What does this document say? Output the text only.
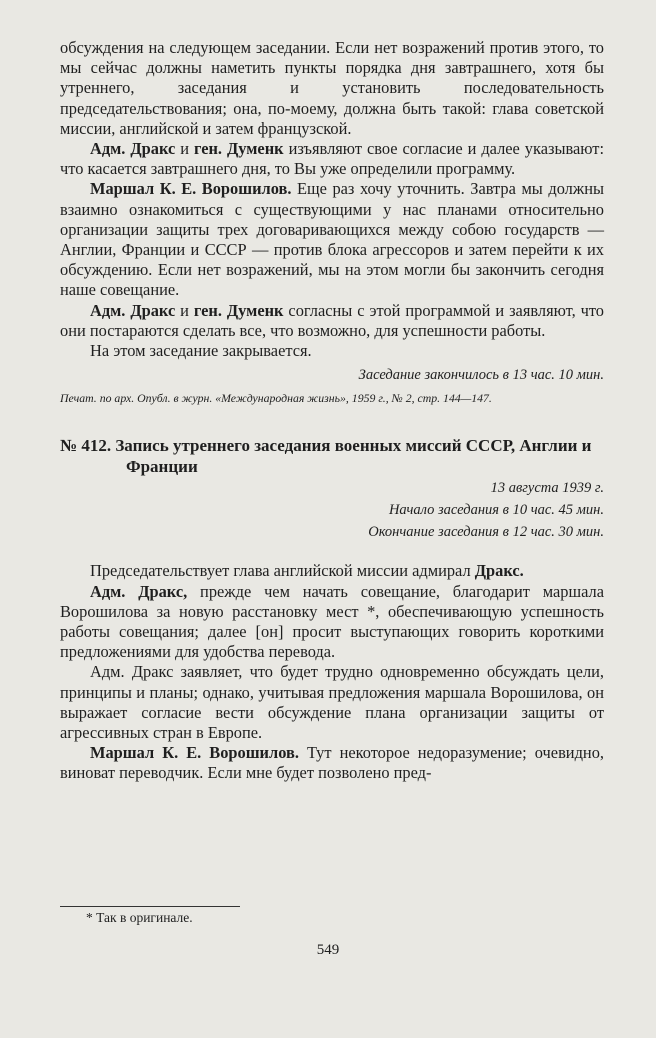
обсуждения на следующем заседании. Если нет возражений против этого, то мы сейчас должны наметить пункты порядка дня завтрашнего, хотя бы утреннего, заседания и установить последовательность председательствования; она, по-моему, должна быть такой: глава советской миссии, английской и затем французской.

Адм. Дракс и ген. Думенк изъявляют свое согласие и далее указывают: что касается завтрашнего дня, то Вы уже определили программу.

Маршал К. Е. Ворошилов. Еще раз хочу уточнить. Завтра мы должны взаимно ознакомиться с существующими у нас планами относительно организации защиты трех договаривающихся между собою государств — Англии, Франции и СССР — против блока агрессоров и затем перейти к их обсуждению. Если нет возражений, мы на этом могли бы закончить сегодня наше совещание.

Адм. Дракс и ген. Думенк согласны с этой программой и заявляют, что они постараются сделать все, что возможно, для успешности работы.

На этом заседание закрывается.

Заседание закончилось в 13 час. 10 мин.

Печат. по арх. Опубл. в журн. «Международная жизнь», 1959 г., № 2, стр. 144—147.

№ 412. Запись утреннего заседания военных миссий СССР, Англии и Франции

13 августа 1939 г.
Начало заседания в 10 час. 45 мин.
Окончание заседания в 12 час. 30 мин.

Председательствует глава английской миссии адмирал Дракс.

Адм. Дракс, прежде чем начать совещание, благодарит маршала Ворошилова за новую расстановку мест *, обеспечивающую успешность работы совещания; далее [он] просит выступающих говорить короткими предложениями для удобства перевода.

Адм. Дракс заявляет, что будет трудно одновременно обсуждать цели, принципы и планы; однако, учитывая предложения маршала Ворошилова, он выражает согласие вести обсуждение плана организации защиты от агрессивных стран в Европе.

Маршал К. Е. Ворошилов. Тут некоторое недоразумение; очевидно, виноват переводчик. Если мне будет позволено пред-

* Так в оригинале.
549
